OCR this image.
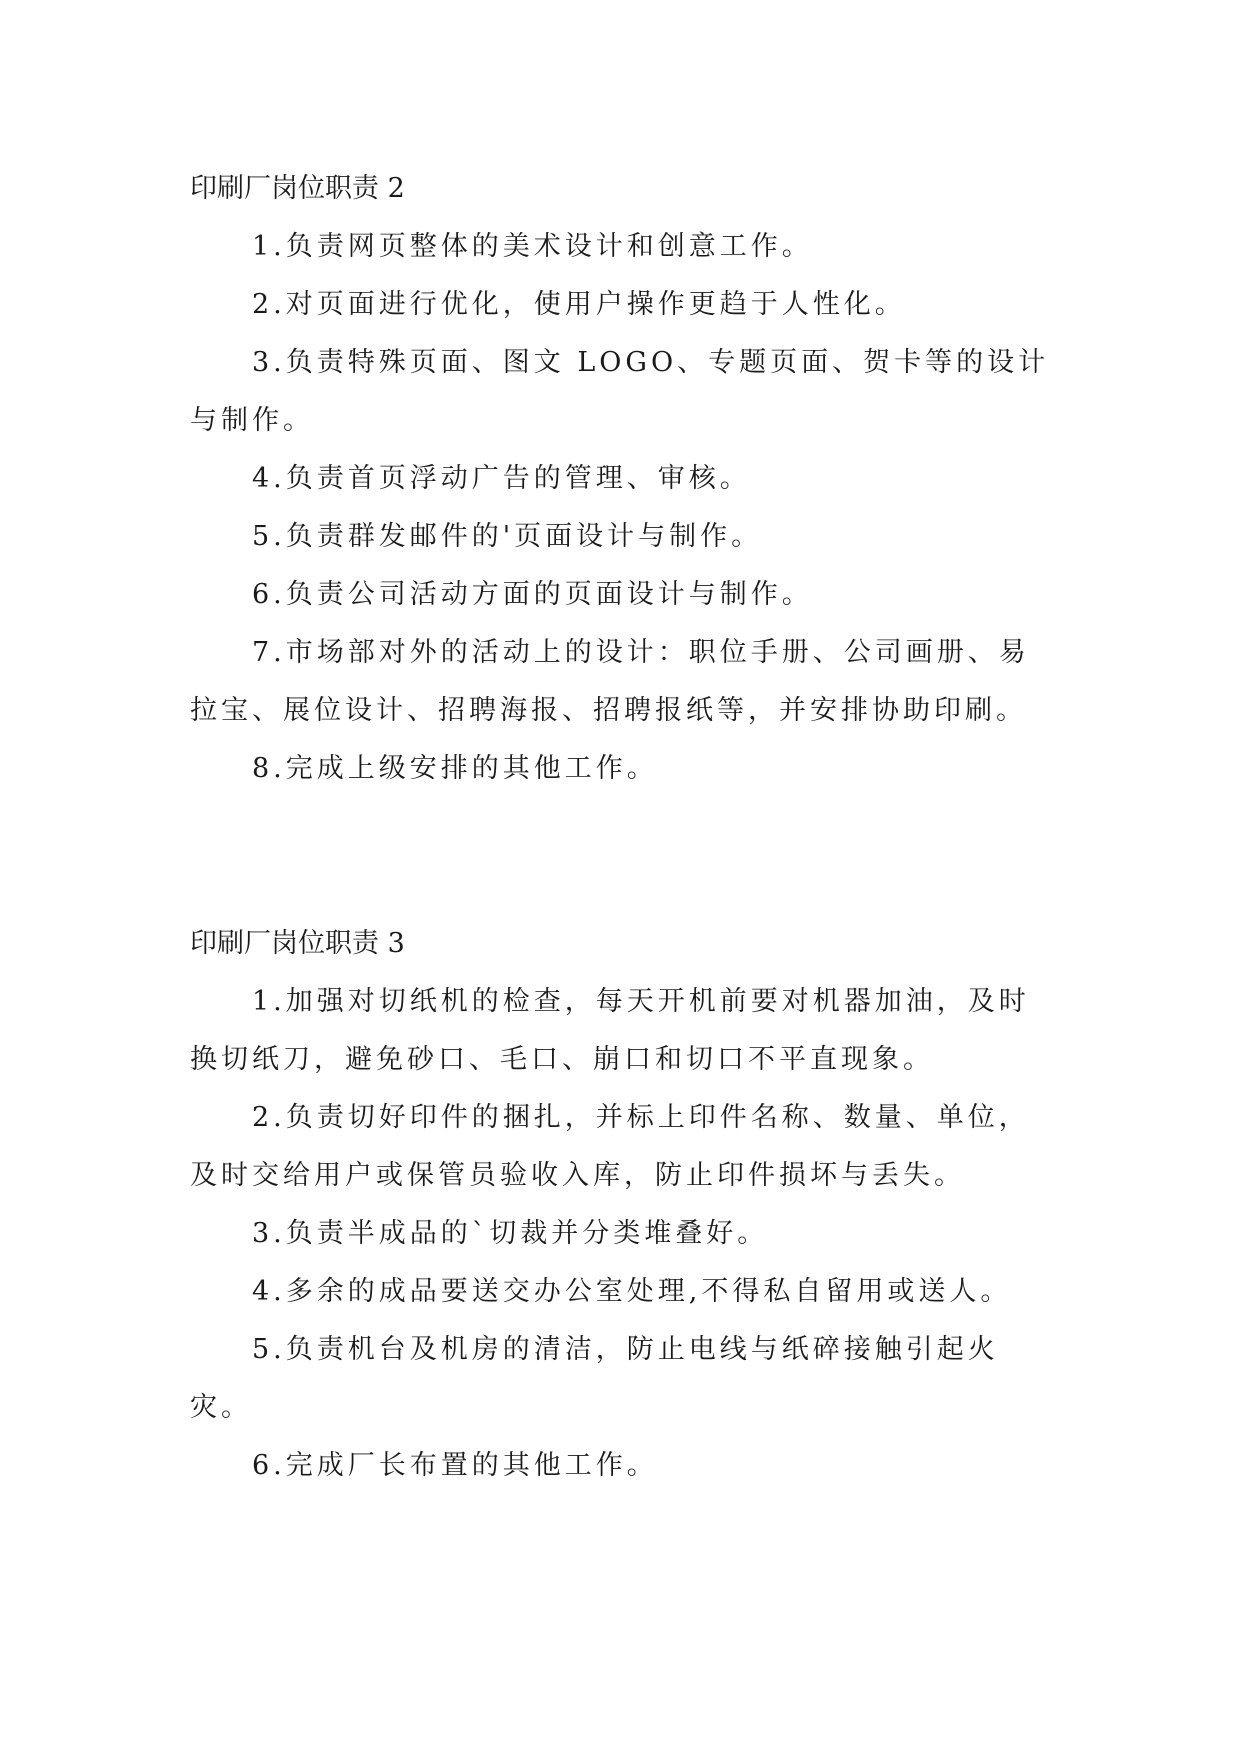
印刷厂岗位职责 2

1.负责网页整体的美术设计和创意工作。

2.对页面进行优化，使用户操作更趋于人性化。

3.负责特殊页面、图文 LOGO、专题页面、贺卡等的设计与制作。

4.负责首页浮动广告的管理、审核。

5.负责群发邮件的'页面设计与制作。

6.负责公司活动方面的页面设计与制作。

7.市场部对外的活动上的设计：职位手册、公司画册、易拉宝、展位设计、招聘海报、招聘报纸等，并安排协助印刷。

8.完成上级安排的其他工作。

印刷厂岗位职责 3

1.加强对切纸机的检查，每天开机前要对机器加油，及时换切纸刀，避免砂口、毛口、崩口和切口不平直现象。

2.负责切好印件的捆扎，并标上印件名称、数量、单位，及时交给用户或保管员验收入库，防止印件损坏与丢失。

3.负责半成品的`切裁并分类堆叠好。

4.多余的成品要送交办公室处理,不得私自留用或送人。

5.负责机台及机房的清洁，防止电线与纸碎接触引起火灾。

6.完成厂长布置的其他工作。
